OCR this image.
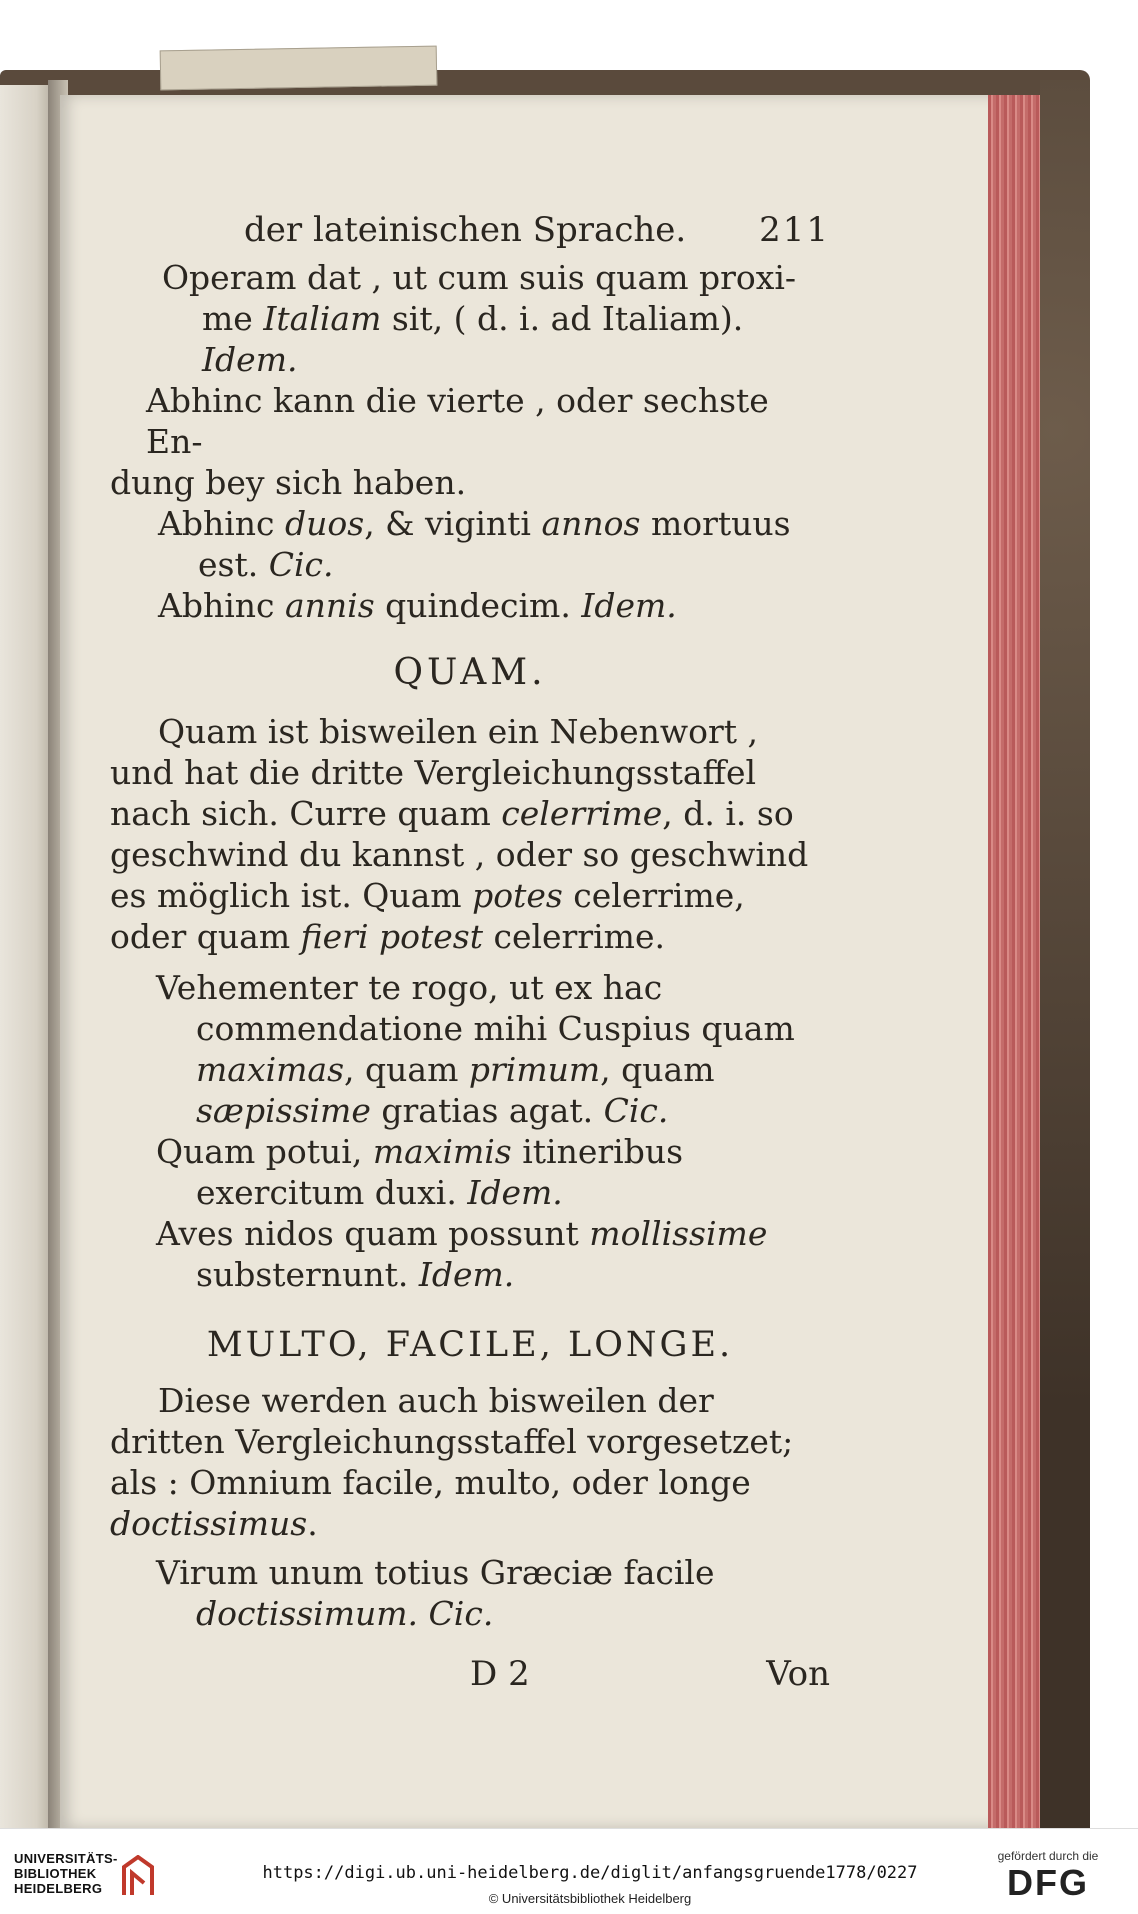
der lateinischen Sprache. 211

Operam dat , ut cum suis quam proxi-

me Italiam sit, ( d. i. ad Italiam). Idem.

Abhinc kann die vierte , oder sechste En-

dung bey sich haben.

Abhinc duos, & viginti annos mortuus

est. Cic.

Abhinc annis quindecim. Idem.

QUAM.

Quam ist bisweilen ein Nebenwort , und hat die dritte Vergleichungsstaffel nach sich. Curre quam celerrime, d. i. so geschwind du kannst , oder so geschwind es möglich ist. Quam potes celerrime, oder quam fieri potest celerrime.

Vehementer te rogo, ut ex hac commendatione mihi Cuspius quam maximas, quam primum, quam sæpissime gratias agat. Cic.

Quam potui, maximis itineribus exercitum duxi. Idem.

Aves nidos quam possunt mollissime substernunt. Idem.

MULTO, FACILE, LONGE.

Diese werden auch bisweilen der dritten Vergleichungsstaffel vorgesetzet; als : Omnium facile, multo, oder longe doctissimus.

Virum unum totius Græciæ facile doctissimum. Cic.

D 2	Von
UNIVERSITÄTS-
BIBLIOTHEK
HEIDELBERG
https://digi.ub.uni-heidelberg.de/diglit/anfangsgruende1778/0227
© Universitätsbibliothek Heidelberg
gefördert durch die
DFG
